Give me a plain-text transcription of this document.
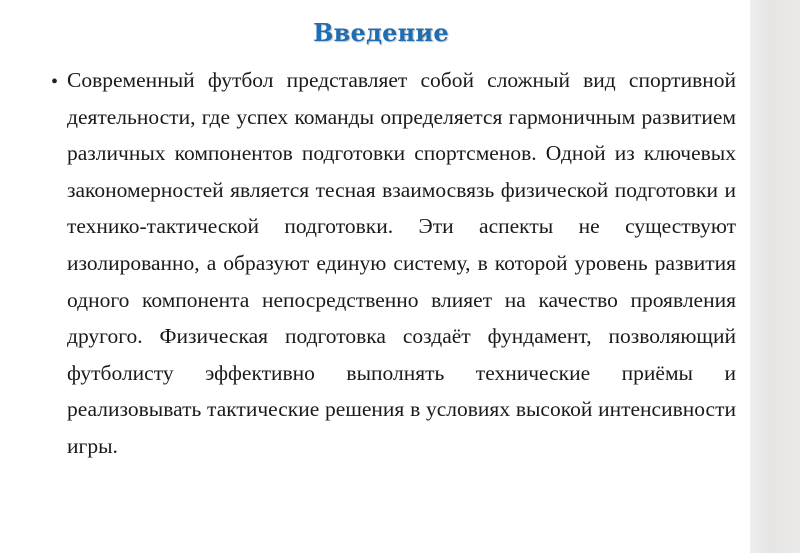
Введение
• Современный футбол представляет собой сложный вид спортивной деятельности, где успех команды определяется гармоничным развитием различных компонентов подготовки спортсменов. Одной из ключевых закономерностей является тесная взаимосвязь физической подготовки и технико-тактической подготовки. Эти аспекты не существуют изолированно, а образуют единую систему, в которой уровень развития одного компонента непосредственно влияет на качество проявления другого. Физическая подготовка создаёт фундамент, позволяющий футболисту эффективно выполнять технические приёмы и реализовывать тактические решения в условиях высокой интенсивности игры.
